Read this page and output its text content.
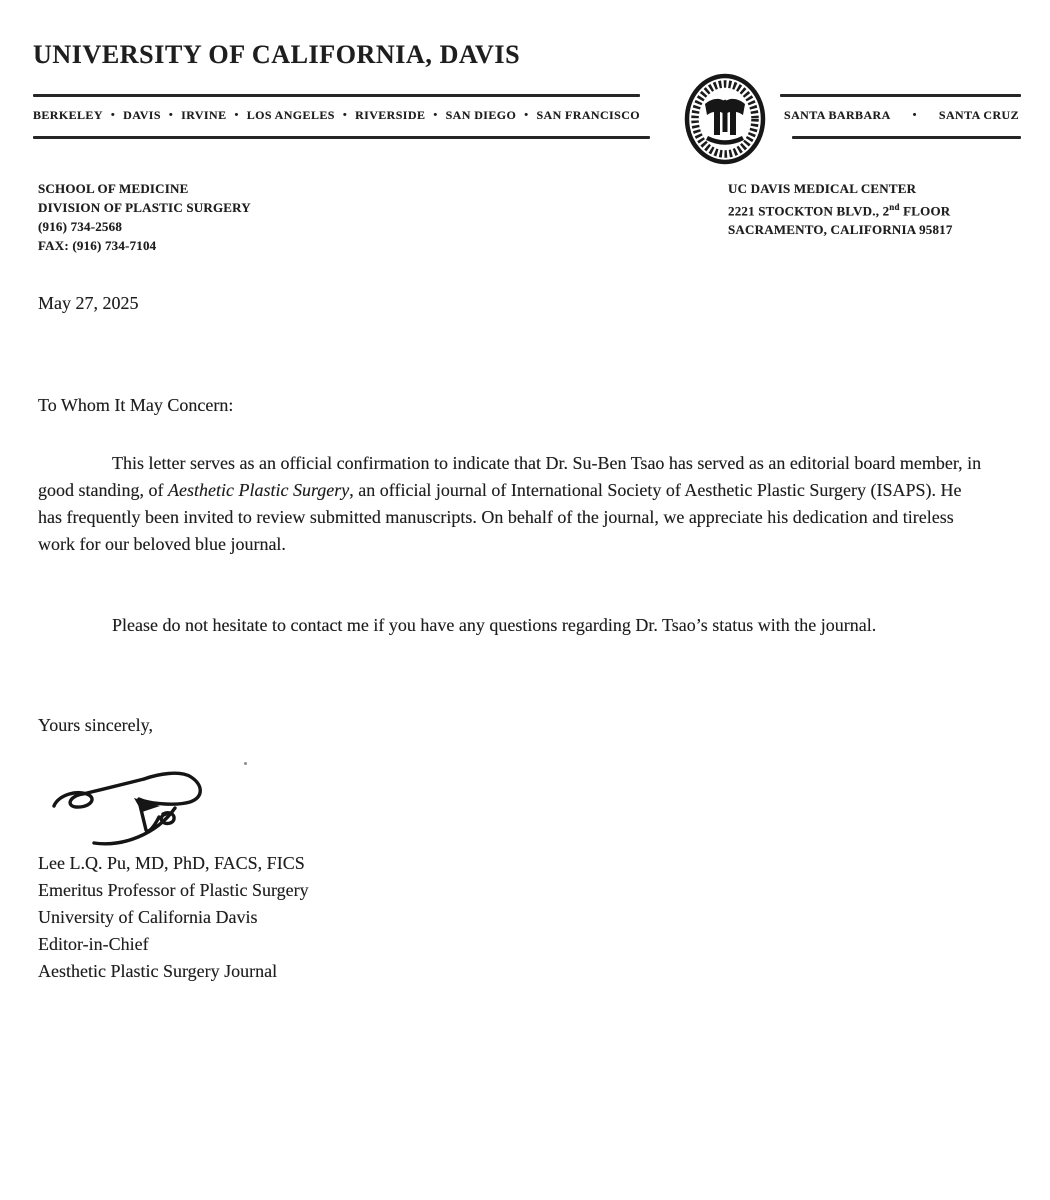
UNIVERSITY OF CALIFORNIA, DAVIS
BERKELEY • DAVIS • IRVINE • LOS ANGELES • RIVERSIDE • SAN DIEGO • SAN FRANCISCO	SANTA BARBARA • SANTA CRUZ
SCHOOL OF MEDICINE
DIVISION OF PLASTIC SURGERY
(916) 734-2568
FAX: (916) 734-7104
UC DAVIS MEDICAL CENTER
2221 STOCKTON BLVD., 2nd FLOOR
SACRAMENTO, CALIFORNIA 95817
May 27, 2025
To Whom It May Concern:
This letter serves as an official confirmation to indicate that Dr. Su-Ben Tsao has served as an editorial board member, in good standing, of Aesthetic Plastic Surgery, an official journal of International Society of Aesthetic Plastic Surgery (ISAPS). He has frequently been invited to review submitted manuscripts. On behalf of the journal, we appreciate his dedication and tireless work for our beloved blue journal.
Please do not hesitate to contact me if you have any questions regarding Dr. Tsao’s status with the journal.
Yours sincerely,
Lee L.Q. Pu, MD, PhD, FACS, FICS
Emeritus Professor of Plastic Surgery
University of California Davis
Editor-in-Chief
Aesthetic Plastic Surgery Journal
